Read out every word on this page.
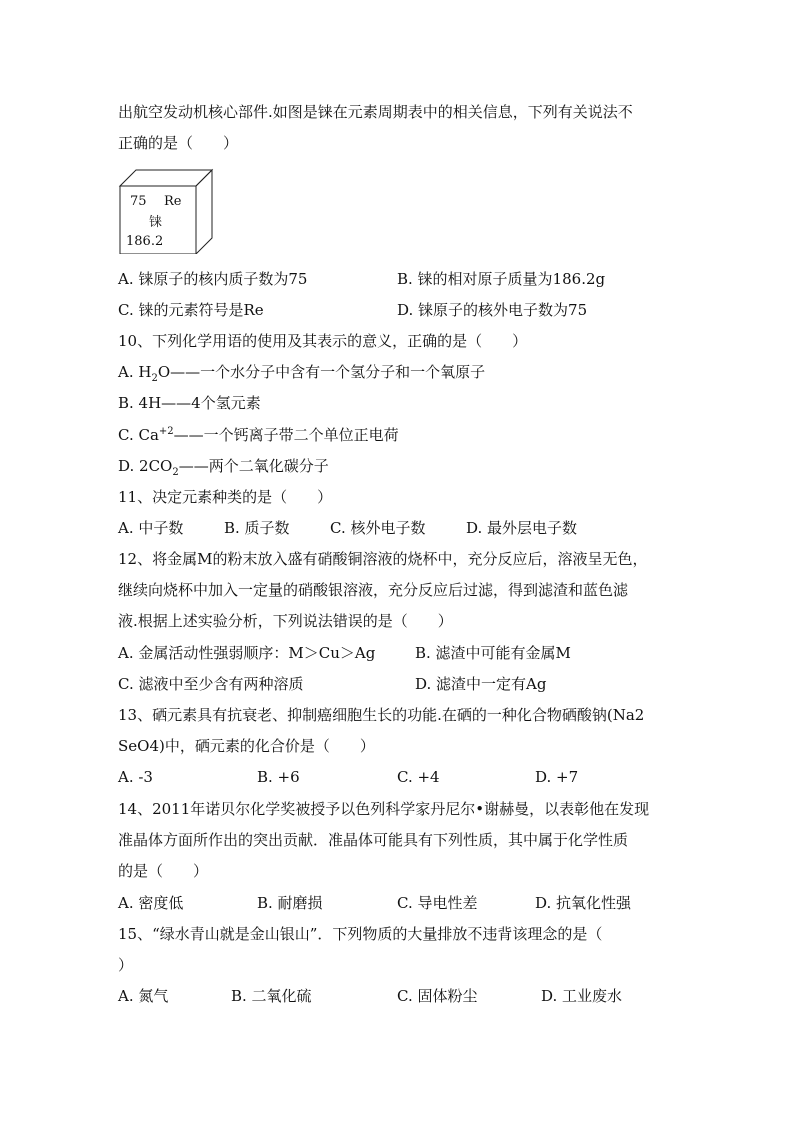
出航空发动机核心部件.如图是铼在元素周期表中的相关信息，下列有关说法不
正确的是（　　）
75 Re
铼
186.2
A. 铼原子的核内质子数为75	B. 铼的相对原子质量为186.2g
C. 铼的元素符号是Re	D. 铼原子的核外电子数为75
10、下列化学用语的使用及其表示的意义，正确的是（　　）
A. $H_2O——$一个水分子中含有一个氢分子和一个氧原子
B. 4H——4个氢元素
C. $Ca^{+2}——$一个钙离子带二个单位正电荷
D. $2CO_2——$两个二氧化碳分子
11、决定元素种类的是（　　）
A. 中子数	B. 质子数	C. 核外电子数	D. 最外层电子数
12、将金属M的粉末放入盛有硝酸铜溶液的烧杯中，充分反应后，溶液呈无色，
继续向烧杯中加入一定量的硝酸银溶液，充分反应后过滤，得到滤渣和蓝色滤
液.根据上述实验分析，下列说法错误的是（　　）
A. 金属活动性强弱顺序：M＞Cu＞Ag	B. 滤渣中可能有金属M
C. 滤液中至少含有两种溶质	D. 滤渣中一定有Ag
13、硒元素具有抗衰老、抑制癌细胞生长的功能.在硒的一种化合物硒酸钠(Na2
SeO4)中，硒元素的化合价是（　　）
A. -3	B. +6	C. +4	D. +7
14、2011年诺贝尔化学奖被授予以色列科学家丹尼尔•谢赫曼，以表彰他在发现
准晶体方面所作出的突出贡献．准晶体可能具有下列性质，其中属于化学性质
的是（　　）
A. 密度低	B. 耐磨损	C. 导电性差	D. 抗氧化性强
15、“绿水青山就是金山银山”．下列物质的大量排放不违背该理念的是（
）
A. 氮气	B. 二氧化硫	C. 固体粉尘	D. 工业废水
